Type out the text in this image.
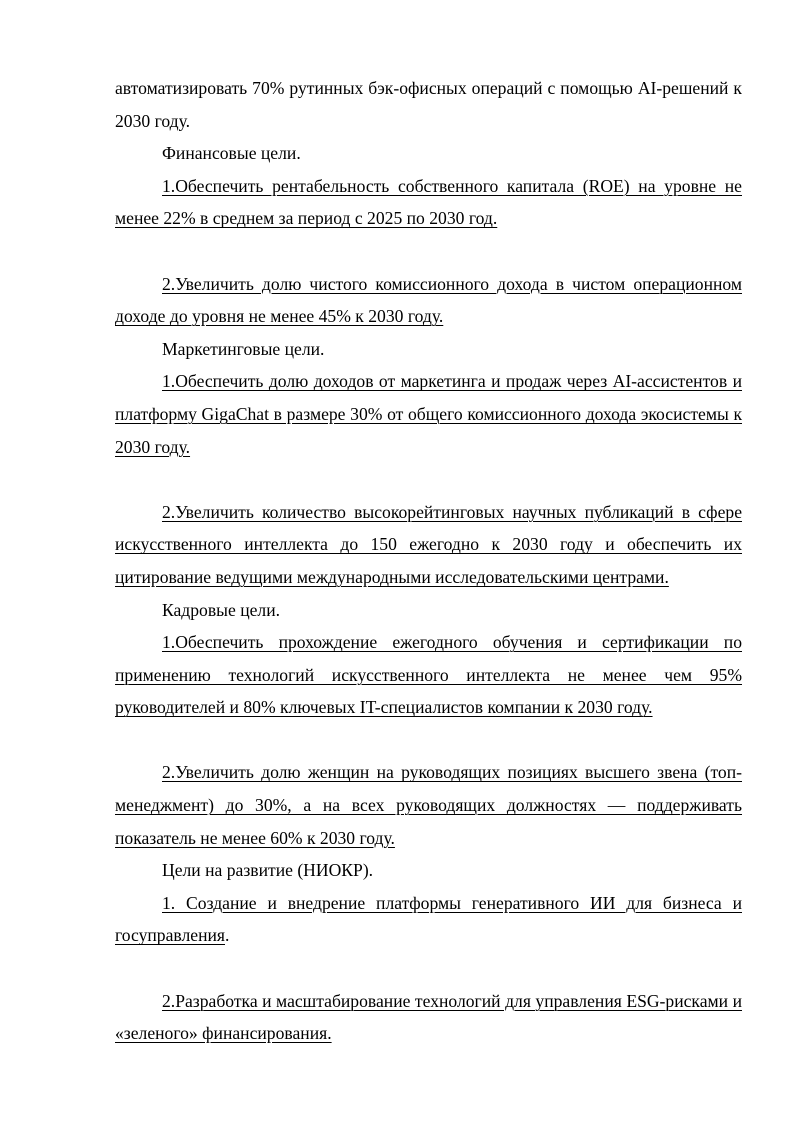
автоматизировать 70% рутинных бэк-офисных операций с помощью AI-решений к 2030 году.

Финансовые цели.

1.Обеспечить рентабельность собственного капитала (ROE) на уровне не менее 22% в среднем за период с 2025 по 2030 год.

2.Увеличить долю чистого комиссионного дохода в чистом операционном доходе до уровня не менее 45% к 2030 году.

Маркетинговые цели.

1.Обеспечить долю доходов от маркетинга и продаж через AI-ассистентов и платформу GigaChat в размере 30% от общего комиссионного дохода экосистемы к 2030 году.

2.Увеличить количество высокорейтинговых научных публикаций в сфере искусственного интеллекта до 150 ежегодно к 2030 году и обеспечить их цитирование ведущими международными исследовательскими центрами.

Кадровые цели.

1.Обеспечить прохождение ежегодного обучения и сертификации по применению технологий искусственного интеллекта не менее чем 95% руководителей и 80% ключевых IT-специалистов компании к 2030 году.

2.Увеличить долю женщин на руководящих позициях высшего звена (топ-менеджмент) до 30%, а на всех руководящих должностях — поддерживать показатель не менее 60% к 2030 году.

Цели на развитие (НИОКР).

1. Создание и внедрение платформы генеративного ИИ для бизнеса и госуправления.

2.Разработка и масштабирование технологий для управления ESG-рисками и «зеленого» финансирования.
